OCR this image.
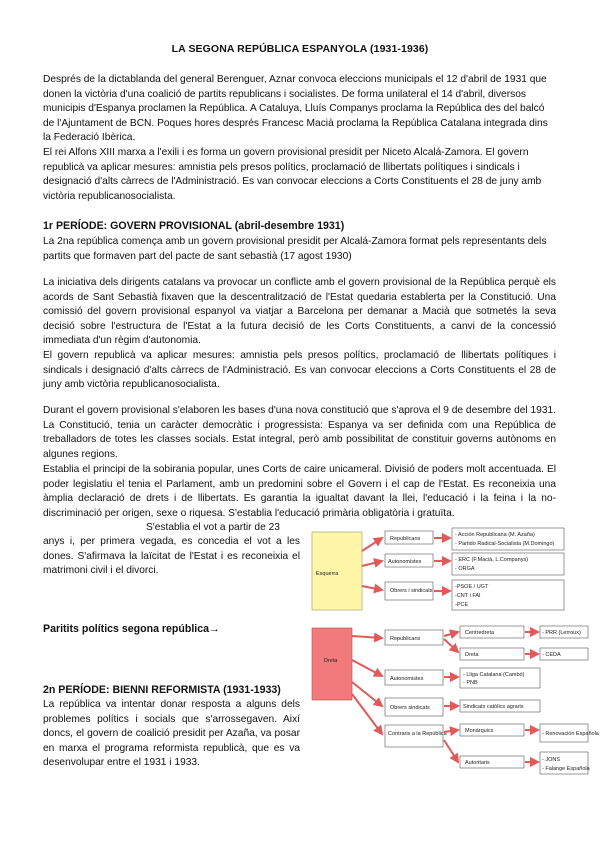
LA SEGONA REPÚBLICA ESPANYOLA (1931-1936)

Després de la dictablanda del general Berenguer, Aznar convoca eleccions municipals el 12 d'abril de 1931 que donen la victòria d'una coalició de partits republicans i socialistes. De forma unilateral el 14 d'abril, diversos municipis d'Espanya proclamen la República. A Cataluya, Lluís Companys proclama la República des del balcó de l'Ajuntament de BCN. Poques hores després Francesc Macià proclama la República Catalana integrada dins la Federació Ibèrica.

El rei Alfons XIII marxa a l'exili i es forma un govern provisional presidit per Niceto Alcalá-Zamora. El govern republicà va aplicar mesures: amnistia pels presos polítics, proclamació de llibertats polítiques i sindicals i designació d'alts càrrecs de l'Administració. Es van convocar eleccions a Corts Constituents el 28 de juny amb victòria republicanosocialista.

1r PERÍODE: GOVERN PROVISIONAL (abril-desembre 1931)

La 2na república comença amb un govern provisional presidit per Alcalá-Zamora format pels representants dels partits que formaven part del pacte de sant sebastià (17 agost 1930)

La iniciativa dels dirigents catalans va provocar un conflicte amb el govern provisional de la República perquè els acords de Sant Sebastià fixaven que la descentralització de l'Estat quedaria establerta per la Constitució. Una comissió del govern provisional espanyol va viatjar a Barcelona per demanar a Macià que sotmetés la seva decisió sobre l'estructura de l'Estat a la futura decisió de les Corts Constituents, a canvi de la concessió immediata d'un règim d'autonomia.

El govern republicà va aplicar mesures: amnistia pels presos polítics, proclamació de llibertats polítiques i sindicals i designació d'alts càrrecs de l'Administració. Es van convocar eleccions a Corts Constituents el 28 de juny amb victòria republicanosocialista.

Durant el govern provisional s'elaboren les bases d'una nova constitució que s'aprova el 9 de desembre del 1931. La Constitució, tenia un caràcter democràtic i progressista: Espanya va ser definida com una República de treballadors de totes les classes socials. Estat integral, però amb possibilitat de constituir governs autònoms en algunes regions.

Establia el principi de la sobirania popular, unes Corts de caire unicameral. Divisió de poders molt accentuada. El poder legislatiu el tenia el Parlament, amb un predomini sobre el Govern i el cap de l'Estat. Es reconeixia una àmplia declaració de drets i de llibertats. Es garantia la igualtat davant la llei, l'educació i la feina i la no-discriminació per origen, sexe o riquesa. S'establia l'educació primària obligatòria i gratuïta.

S'establia el vot a partir de 23

anys i, per primera vegada, es concedia el vot a les dones. S'afirmava la laïcitat de l'Estat i es reconeixia el matrimoni civil i el divorci.

Paritits polítics segona república→
2n PERÍODE: BIENNI REFORMISTA (1931-1933)

La república va intentar donar resposta a alguns dels problemes polítics i socials que s'arrossegaven. Així doncs, el govern de coalició presidit per Azaña, va posar en marxa el programa reformista republicà, que es va desenvolupar entre el 1931 i 1933.

Esquerra
Republicans
- Acción Republicana (M. Azaña)
- Partido Radical-Socialista (M.Domingo)
Autonomistes	- ERC (F.Macià, L.Companys)
- ORGA
Obrers i sindicats
-PSOE / UGT
-CNT i FAI
-PCE
Dreta
Republicans
Centredreta	- PRR (Lerroux)
Dreta	- CEDA
Autonomistes
- Lliga Catalana (Cambó)
- PNB
Obrers sindicats	Sindicats catòlics agraris
Contraris a la República	Monàrquics	- Renovación Española
Autoritaris	- JONS
- Falange Española
